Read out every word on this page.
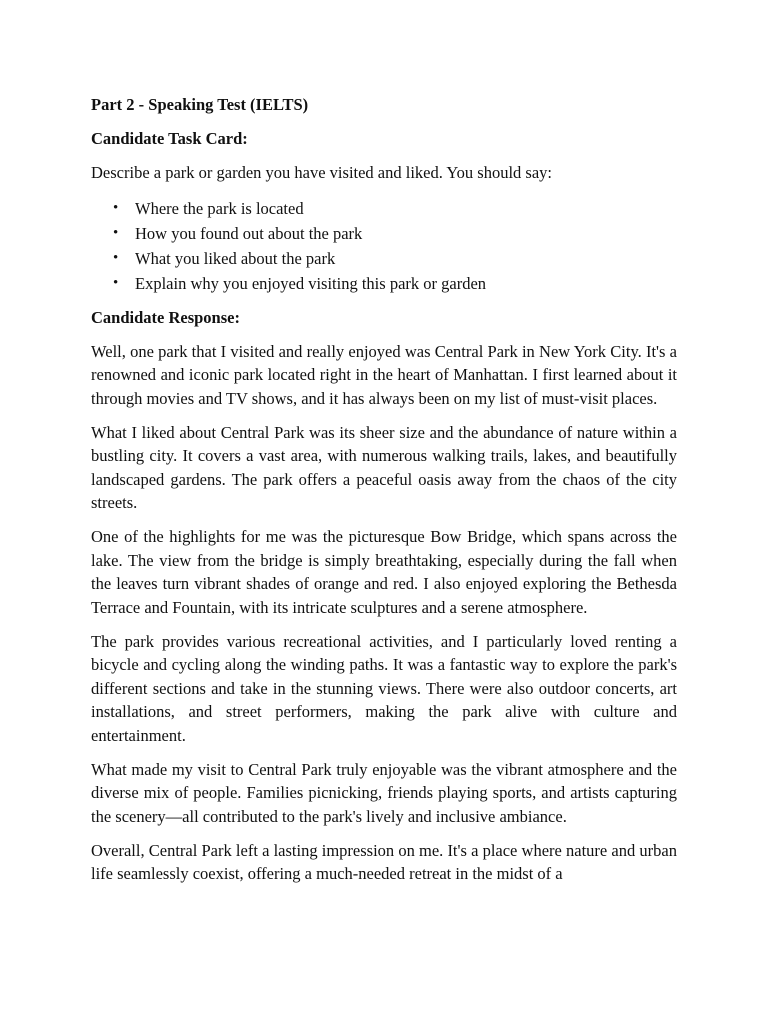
Part 2 - Speaking Test (IELTS)

Candidate Task Card:

Describe a park or garden you have visited and liked. You should say:

• Where the park is located
• How you found out about the park
• What you liked about the park
• Explain why you enjoyed visiting this park or garden

Candidate Response:

Well, one park that I visited and really enjoyed was Central Park in New York City. It's a renowned and iconic park located right in the heart of Manhattan. I first learned about it through movies and TV shows, and it has always been on my list of must-visit places.

What I liked about Central Park was its sheer size and the abundance of nature within a bustling city. It covers a vast area, with numerous walking trails, lakes, and beautifully landscaped gardens. The park offers a peaceful oasis away from the chaos of the city streets.

One of the highlights for me was the picturesque Bow Bridge, which spans across the lake. The view from the bridge is simply breathtaking, especially during the fall when the leaves turn vibrant shades of orange and red. I also enjoyed exploring the Bethesda Terrace and Fountain, with its intricate sculptures and a serene atmosphere.

The park provides various recreational activities, and I particularly loved renting a bicycle and cycling along the winding paths. It was a fantastic way to explore the park's different sections and take in the stunning views. There were also outdoor concerts, art installations, and street performers, making the park alive with culture and entertainment.

What made my visit to Central Park truly enjoyable was the vibrant atmosphere and the diverse mix of people. Families picnicking, friends playing sports, and artists capturing the scenery—all contributed to the park's lively and inclusive ambiance.

Overall, Central Park left a lasting impression on me. It's a place where nature and urban life seamlessly coexist, offering a much-needed retreat in the midst of a
